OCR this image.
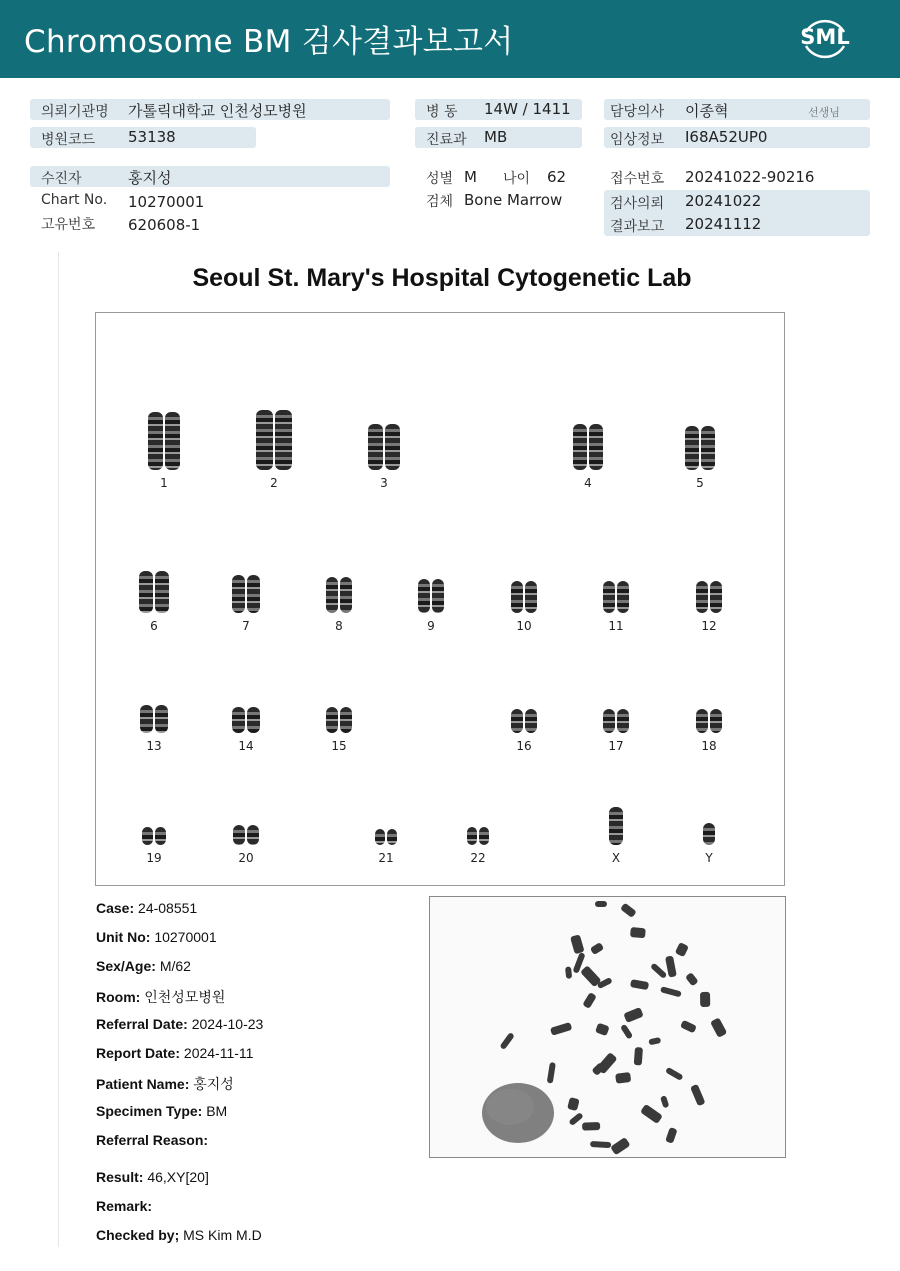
Chromosome BM 검사결과보고서	SML
의뢰기관명 가톨릭대학교 인천성모병원
병원코드 53138
병 동 14W / 1411
진료과 MB
담당의사 이종혁	선생님
임상정보 I68A52UP0
수진자	홍지성
Chart No. 10270001
고유번호 620608-1
성별 M 나이 62
검체 Bone Marrow
접수번호 20241022-90216
검사의뢰 20241022
결과보고 20241112
Seoul St. Mary's Hospital Cytogenetic Lab
1	2	3	4	5
6	7	8	9	10	11	12
13	14	15	16	17	18
19	20	21	22	X	Y
Case: 24-08551
Unit No: 10270001
Sex/Age: M/62
Room: 인천성모병원
Referral Date: 2024-10-23
Report Date: 2024-11-11
Patient Name: 홍지성
Specimen Type: BM
Referral Reason:
Result: 46,XY[20]
Remark:
Checked by; MS Kim M.D
